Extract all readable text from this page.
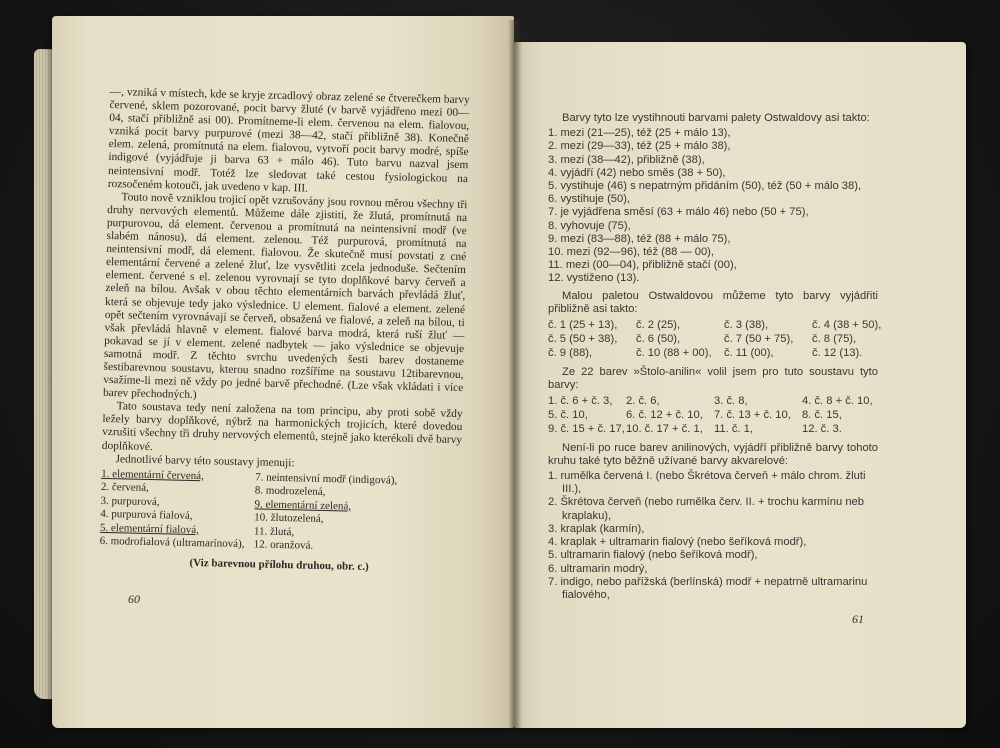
—, vzniká v místech, kde se kryje zrcadlový obraz zelené se čtverečkem barvy červené, sklem pozorované, pocit barvy žluté (v barvě vyjádřeno mezi 00—04, stačí přibližně asi 00). Promítneme-li elem. červenou na elem. fialovou, vzniká pocit barvy purpurové (mezi 38—42, stačí přibližně 38). Konečně elem. zelená, promítnutá na elem. fialovou, vytvoří pocit barvy modré, spíše indigové (vyjádřuje ji barva 63 + málo 46). Tuto barvu nazval jsem neintensivní modř. Totéž lze sledovat také cestou fysiologickou na rozsočeném kotouči, jak uvedeno v kap. III.

Touto nově vzniklou trojicí opět vzrušovány jsou rovnou měrou všechny tři druhy nervových elementů. Můžeme dále zjistiti, že žlutá, promítnutá na purpurovou, dá element. červenou a promítnutá na neintensivní modř (ve slabém nánosu), dá element. zelenou. Též purpurová, promítnutá na neintensivní modř, dá element. fialovou. Že skutečně musí povstati z cné elementární červené a zelené žluť, lze vysvětliti zcela jednoduše. Sečtením element. červené s el. zelenou vyrovnají se tyto doplňkové barvy červeň a zeleň na bílou. Avšak v obou těchto elementárních barvách převládá žluť, která se objevuje tedy jako výslednice. U element. fialové a element. zelené opět sečtením vyrovnávají se červeň, obsažená ve fialové, a zeleň na bílou, ti však převládá hlavně v element. fialové barva modrá, která ruší žluť — pokavad se jí v element. zelené nadbytek — jako výslednice se objevuje samotná modř. Z těchto svrchu uvedených šesti barev dostaneme šestibarevnou soustavu, kterou snadno rozšíříme na soustavu 12tibarevnou, vsažíme-li mezi ně vždy po jedné barvě přechodné. (Lze však vkládati i více barev přechodných.)

Tato soustava tedy není založena na tom principu, aby proti sobě vždy ležely barvy doplňkové, nýbrž na harmonických trojicích, které dovedou vzrušiti všechny tři druhy nervových elementů, stejně jako kterékoli dvě barvy doplňkové.

Jednotlivé barvy této soustavy jmenuji:

1. elementární červená,
2. červená,
3. purpurová,
4. purpurová fialová,
5. elementární fialová,
6. modrofialová (ultramarínová),
7. neintensivní modř (indigová),
8. modrozelená,
9. elementární zelená,
10. žlutozelená,
11. žlutá,
12. oranžová.
(Viz barevnou přílohu druhou, obr. c.)
60

Barvy tyto lze vystihnouti barvami palety Ostwaldovy asi takto:

1. mezi (21—25), též (25 + málo 13),
2. mezi (29—33), též (25 + málo 38),
3. mezi (38—42), přibližně (38),
4. vyjádří (42) nebo směs (38 + 50),
5. vystihuje (46) s nepatrným přidáním (50), též (50 + málo 38),
6. vystihuje (50),
7. je vyjádřena směsí (63 + málo 46) nebo (50 + 75),
8. vyhovuje (75),
9. mezi (83—88), též (88 + málo 75),
10. mezi (92—96), též (88 — 00),
11. mezi (00—04), přibližně stačí (00),
12. vystiženo (13).

Malou paletou Ostwaldovou můžeme tyto barvy vyjádřiti přibližně asi takto:

č. 1 (25 + 13),	č. 2 (25),	č. 3 (38),	č. 4 (38 + 50),
č. 5 (50 + 38),	č. 6 (50),	č. 7 (50 + 75),	č. 8 (75),
č. 9 (88),	č. 10 (88 + 00),	č. 11 (00),	č. 12 (13).

Ze 22 barev »Štolo-anilin« volil jsem pro tuto soustavu tyto barvy:

1. č. 6 + č. 3,	2. č. 6,	3. č. 8,	4. č. 8 + č. 10,
5. č. 10,	6. č. 12 + č. 10, 7. č. 13 + č. 10, 8. č. 15,
9. č. 15 + č. 17, 10. č. 17 + č. 1, 11. č. 1,	12. č. 3.

Není-li po ruce barev anilinových, vyjádří přibližně barvy tohoto kruhu také tyto běžně užívané barvy akvarelové:

1. rumělka červená I. (nebo Škrétova červeň + málo chrom. žluti III.),
2. Škrétova červeň (nebo rumělka červ. II. + trochu karmínu neb kraplaku),
3. kraplak (karmín),
4. kraplak + ultramarin fialový (nebo šeříková modř),
5. ultramarin fialový (nebo šeříková modř),
6. ultramarin modrý,
7. indigo, nebo pařížská (berlínská) modř + nepatrně ultramarinu fialového,
61
